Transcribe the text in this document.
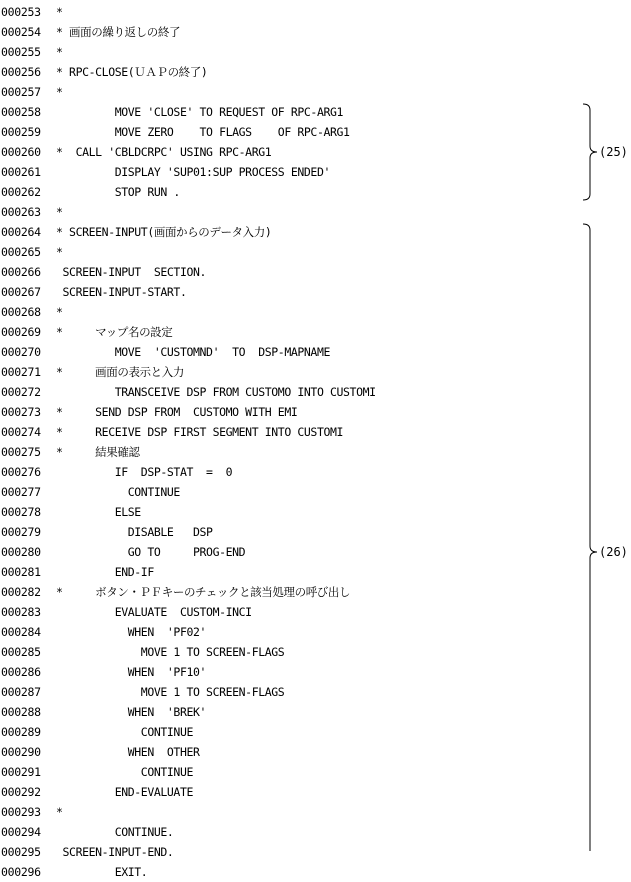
000253	*
000254	* 画面の繰り返しの終了
000255	*
000256	* RPC-CLOSE(ＵＡＰの終了)
000257	*
000258	MOVE 'CLOSE' TO REQUEST OF RPC-ARG1
000259	MOVE ZERO    TO FLAGS    OF RPC-ARG1
000260	*  CALL 'CBLDCRPC' USING RPC-ARG1
000261	DISPLAY 'SUP01:SUP PROCESS ENDED'
000262	STOP RUN .
000263	*
000264	* SCREEN-INPUT(画面からのデータ入力)
000265	*
000266	SCREEN-INPUT  SECTION.
000267	SCREEN-INPUT-START.
000268	*
000269	*     マップ名の設定
000270	MOVE  'CUSTOMND'  TO  DSP-MAPNAME
000271	*     画面の表示と入力
000272	TRANSCEIVE DSP FROM CUSTOMO INTO CUSTOMI
000273	*     SEND DSP FROM  CUSTOMO WITH EMI
000274	*     RECEIVE DSP FIRST SEGMENT INTO CUSTOMI
000275	*     結果確認
000276	IF  DSP-STAT  =  0
000277	CONTINUE
000278	ELSE
000279	DISABLE   DSP
000280	GO TO     PROG-END
000281	END-IF
000282	*     ボタン・ＰＦキーのチェックと該当処理の呼び出し
000283	EVALUATE  CUSTOM-INCI
000284	WHEN  'PF02'
000285	MOVE 1 TO SCREEN-FLAGS
000286	WHEN  'PF10'
000287	MOVE 1 TO SCREEN-FLAGS
000288	WHEN  'BREK'
000289	CONTINUE
000290	WHEN  OTHER
000291	CONTINUE
000292	END-EVALUATE
000293	*
000294	CONTINUE.
000295	SCREEN-INPUT-END.
000296	EXIT.
(25)
(26)
